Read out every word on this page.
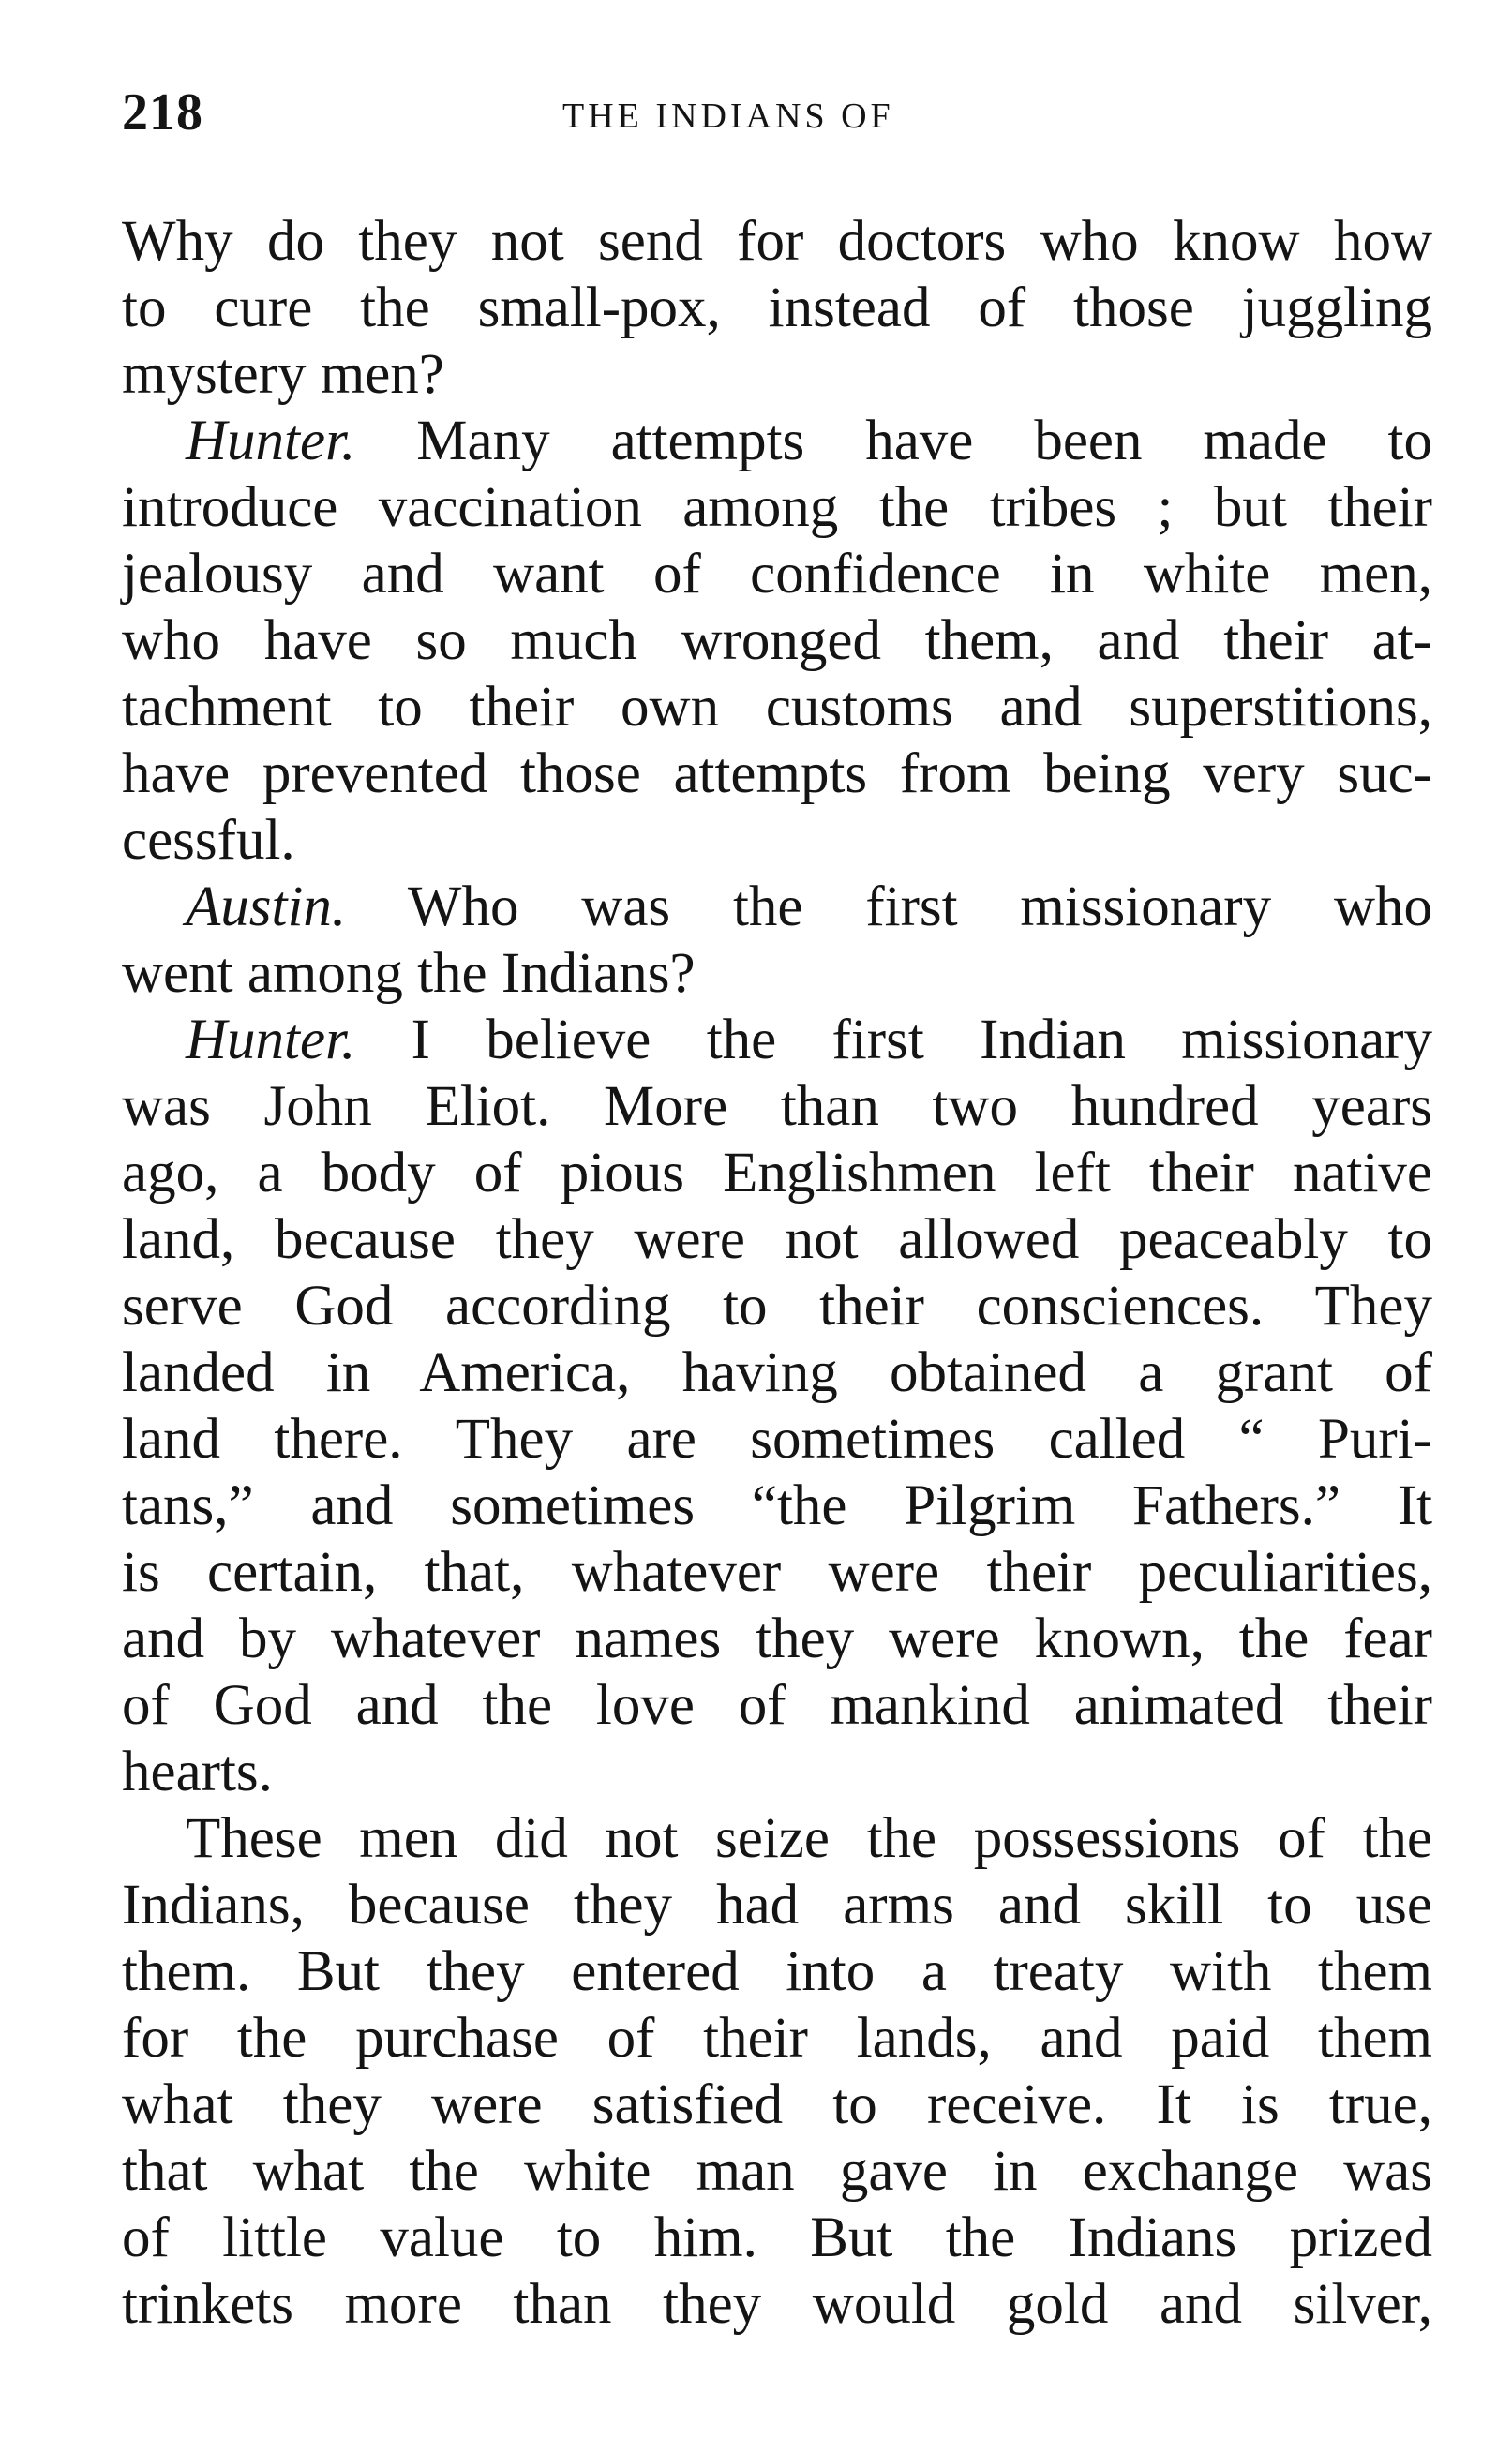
218	THE INDIANS OF
Why do they not send for doctors who know how
to cure the small-pox, instead of those juggling
mystery men?
Hunter. Many attempts have been made to
introduce vaccination among the tribes ; but their
jealousy and want of confidence in white men,
who have so much wronged them, and their at-
tachment to their own customs and superstitions,
have prevented those attempts from being very suc-
cessful.
Austin. Who was the first missionary who
went among the Indians?
Hunter. I believe the first Indian missionary
was John Eliot. More than two hundred years
ago, a body of pious Englishmen left their native
land, because they were not allowed peaceably to
serve God according to their consciences. They
landed in America, having obtained a grant of
land there. They are sometimes called “ Puri-
tans,” and sometimes “the Pilgrim Fathers.” It
is certain, that, whatever were their peculiarities,
and by whatever names they were known, the fear
of God and the love of mankind animated their
hearts.
These men did not seize the possessions of the
Indians, because they had arms and skill to use
them. But they entered into a treaty with them
for the purchase of their lands, and paid them
what they were satisfied to receive. It is true,
that what the white man gave in exchange was
of little value to him. But the Indians prized
trinkets more than they would gold and silver,
